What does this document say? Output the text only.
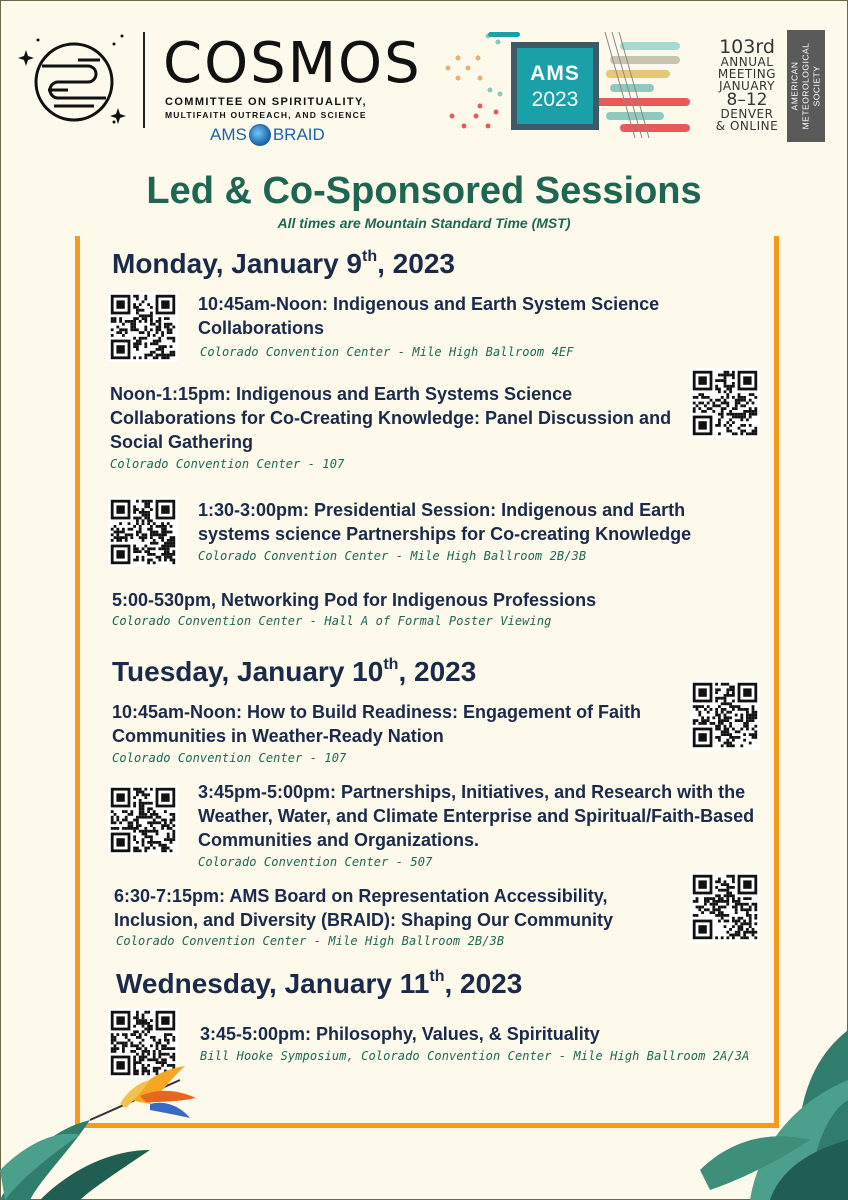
COSMOS
COMMITTEE ON SPIRITUALITY,
MULTIFAITH OUTREACH, AND SCIENCE
AMS BRAID
AMS
2023
103rd
ANNUAL
MEETING
JANUARY
8–12
DENVER
& ONLINE
AMERICAN METEOROLOGICAL SOCIETY
Led & Co-Sponsored Sessions
All times are Mountain Standard Time (MST)
Monday, January 9th, 2023
10:45am-Noon: Indigenous and Earth System Science Collaborations
Colorado Convention Center - Mile High Ballroom 4EF
Noon-1:15pm: Indigenous and Earth Systems Science Collaborations for Co-Creating Knowledge: Panel Discussion and Social Gathering
Colorado Convention Center - 107
1:30-3:00pm: Presidential Session: Indigenous and Earth systems science Partnerships for Co-creating Knowledge
Colorado Convention Center - Mile High Ballroom 2B/3B
5:00-530pm, Networking Pod for Indigenous Professions
Colorado Convention Center - Hall A of Formal Poster Viewing
Tuesday, January 10th, 2023
10:45am-Noon: How to Build Readiness: Engagement of Faith Communities in Weather-Ready Nation
Colorado Convention Center - 107
3:45pm-5:00pm: Partnerships, Initiatives, and Research with the Weather, Water, and Climate Enterprise and Spiritual/Faith-Based Communities and Organizations.
Colorado Convention Center - 507
6:30-7:15pm: AMS Board on Representation Accessibility, Inclusion, and Diversity (BRAID): Shaping Our Community
Colorado Convention Center - Mile High Ballroom 2B/3B
Wednesday, January 11th, 2023
3:45-5:00pm: Philosophy, Values, & Spirituality
Bill Hooke Symposium, Colorado Convention Center - Mile High Ballroom 2A/3A
